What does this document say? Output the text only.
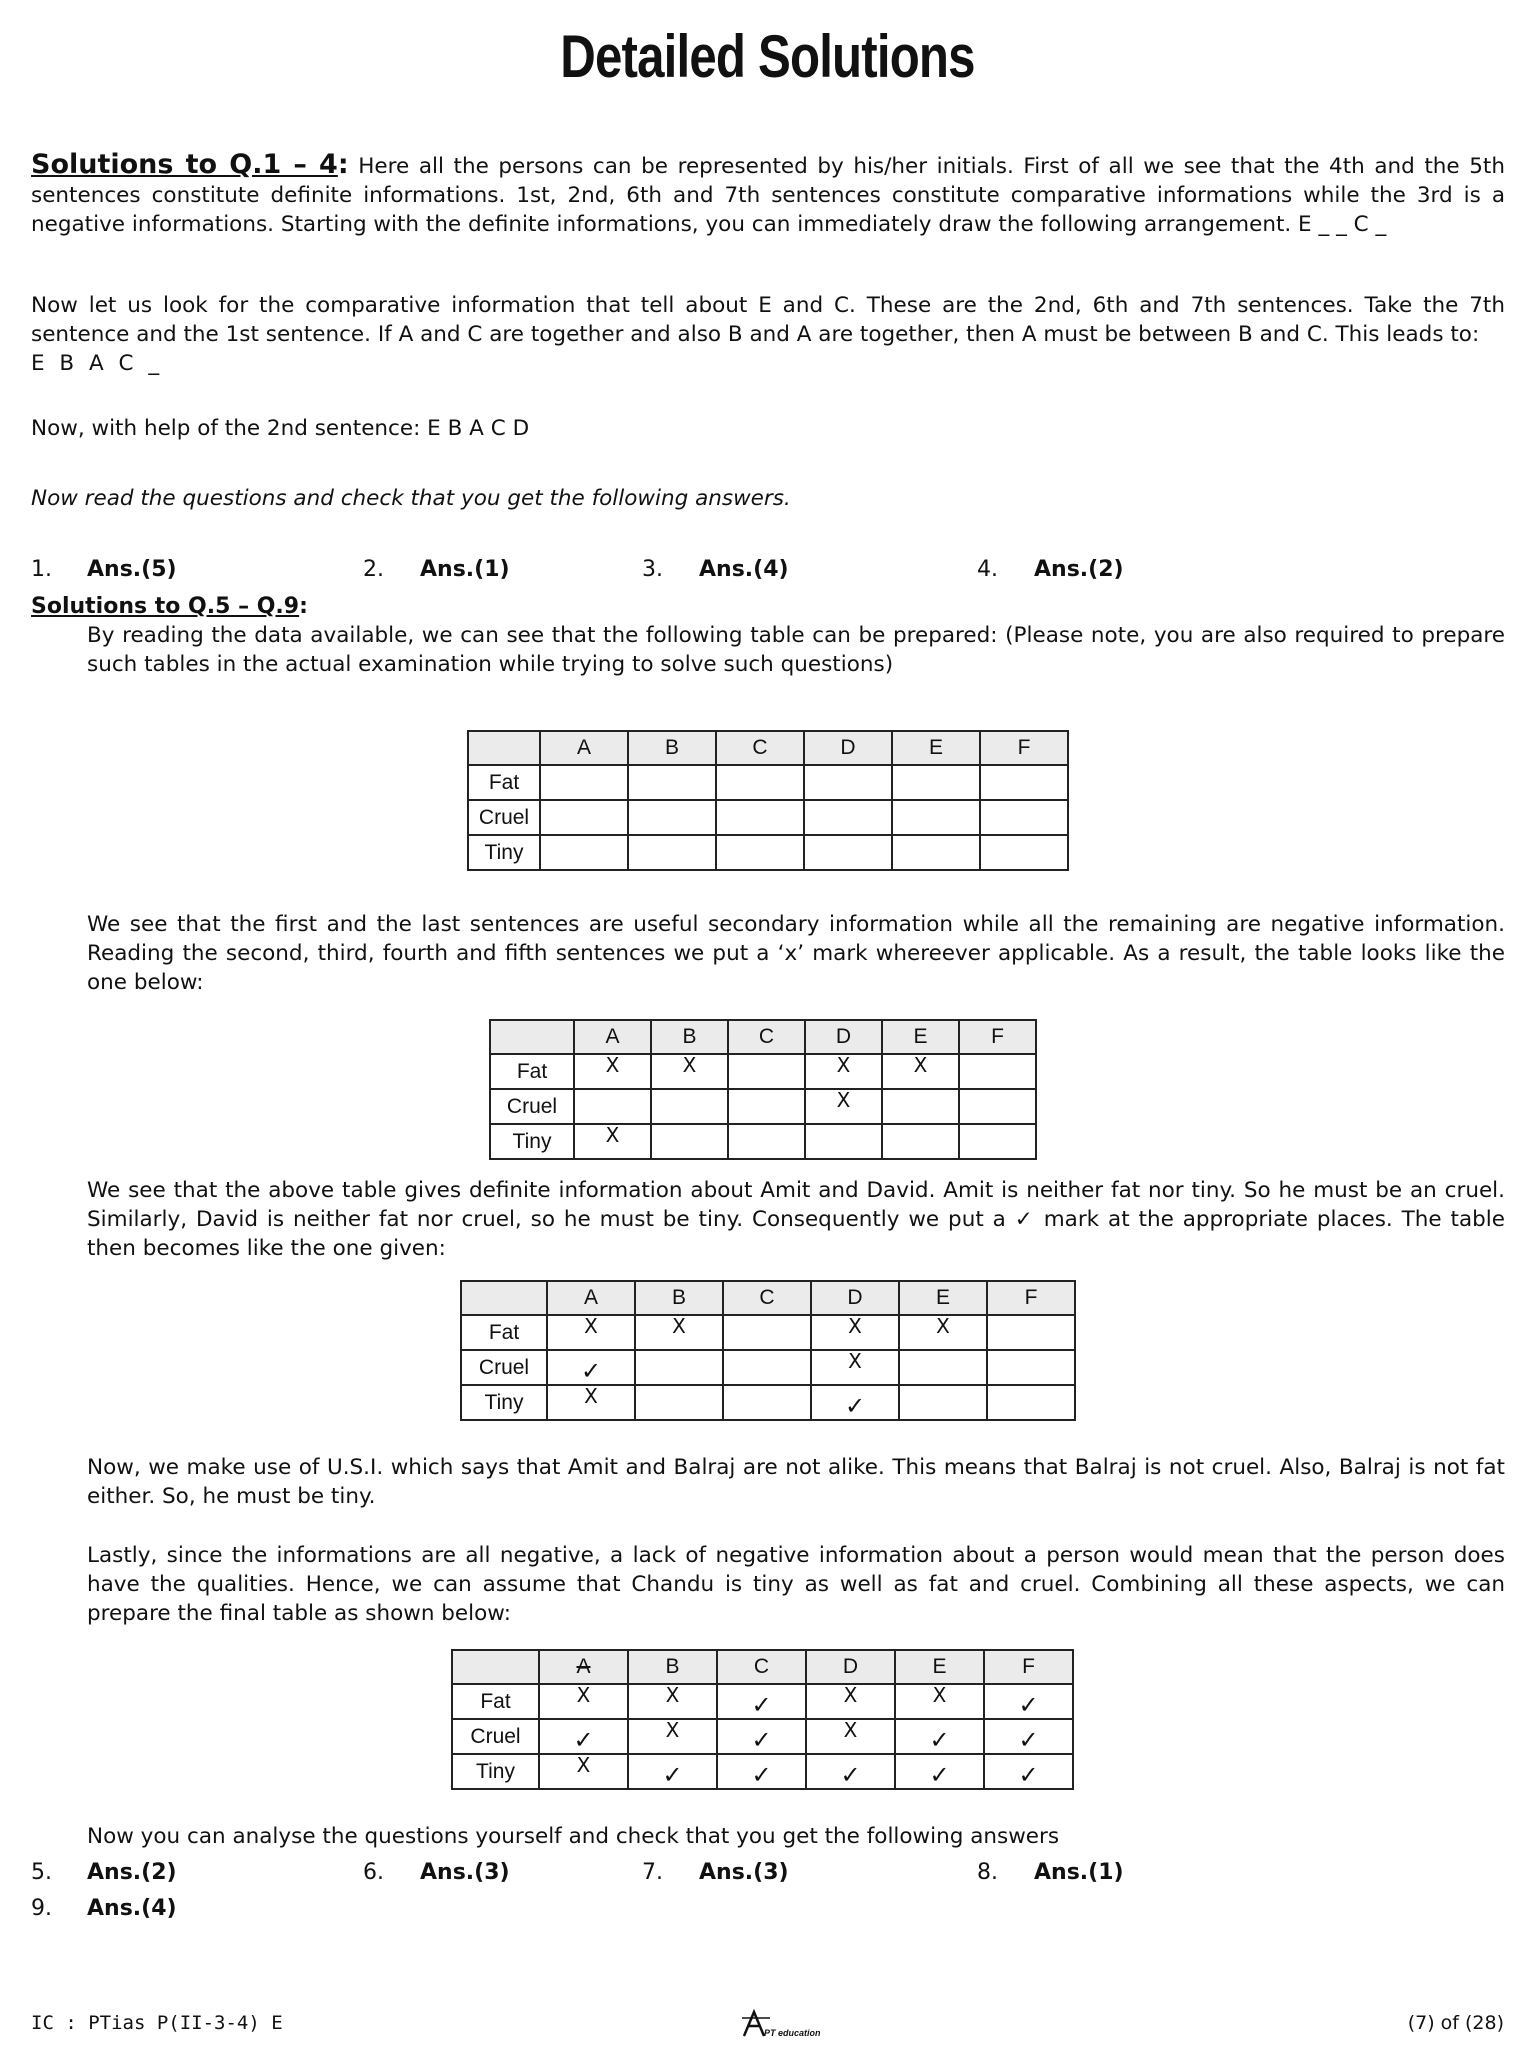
Detailed Solutions

Solutions to Q.1 – 4: Here all the persons can be represented by his/her initials. First of all we see that the 4th and the 5th sentences constitute definite informations. 1st, 2nd, 6th and 7th sentences constitute comparative informations while the 3rd is a negative informations. Starting with the definite informations, you can immediately draw the following arrangement. E _ _ C _

Now let us look for the comparative information that tell about E and C. These are the 2nd, 6th and 7th sentences. Take the 7th sentence and the 1st sentence. If A and C are together and also B and A are together, then A must be between B and C. This leads to:
E B A C _

Now, with help of the 2nd sentence: E B A C D

Now read the questions and check that you get the following answers.

1. Ans.(5)	2. Ans.(1)	3. Ans.(4)	4. Ans.(2)
Solutions to Q.5 – Q.9:

By reading the data available, we can see that the following table can be prepared: (Please note, you are also required to prepare such tables in the actual examination while trying to solve such questions)

	A	B	C	D	E	F
Fat						
Cruel						
Tiny						

We see that the first and the last sentences are useful secondary information while all the remaining are negative information. Reading the second, third, fourth and fifth sentences we put a ‘x’ mark whereever applicable. As a result, the table looks like the one below:

	A	B	C	D	E	F
Fat	X	X		X	X	
Cruel				X		
Tiny	X					

We see that the above table gives definite information about Amit and David. Amit is neither fat nor tiny. So he must be an cruel. Similarly, David is neither fat nor cruel, so he must be tiny. Consequently we put a ✓ mark at the appropriate places. The table then becomes like the one given:

	A	B	C	D	E	F
Fat	X	X		X	X	
Cruel	✓			X		
Tiny	X			✓		

Now, we make use of U.S.I. which says that Amit and Balraj are not alike. This means that Balraj is not cruel. Also, Balraj is not fat either. So, he must be tiny.

Lastly, since the informations are all negative, a lack of negative information about a person would mean that the person does have the qualities. Hence, we can assume that Chandu is tiny as well as fat and cruel. Combining all these aspects, we can prepare the final table as shown below:

	A	B	C	D	E	F
Fat	X	X	✓	X	X	✓
Cruel	✓	X	✓	X	✓	✓
Tiny	X	✓	✓	✓	✓	✓

Now you can analyse the questions yourself and check that you get the following answers

5. Ans.(2)	6. Ans.(3)	7. Ans.(3)	8. Ans.(1)
9. Ans.(4)
IC : PTias P(II-3-4) E	PT education	(7) of (28)
